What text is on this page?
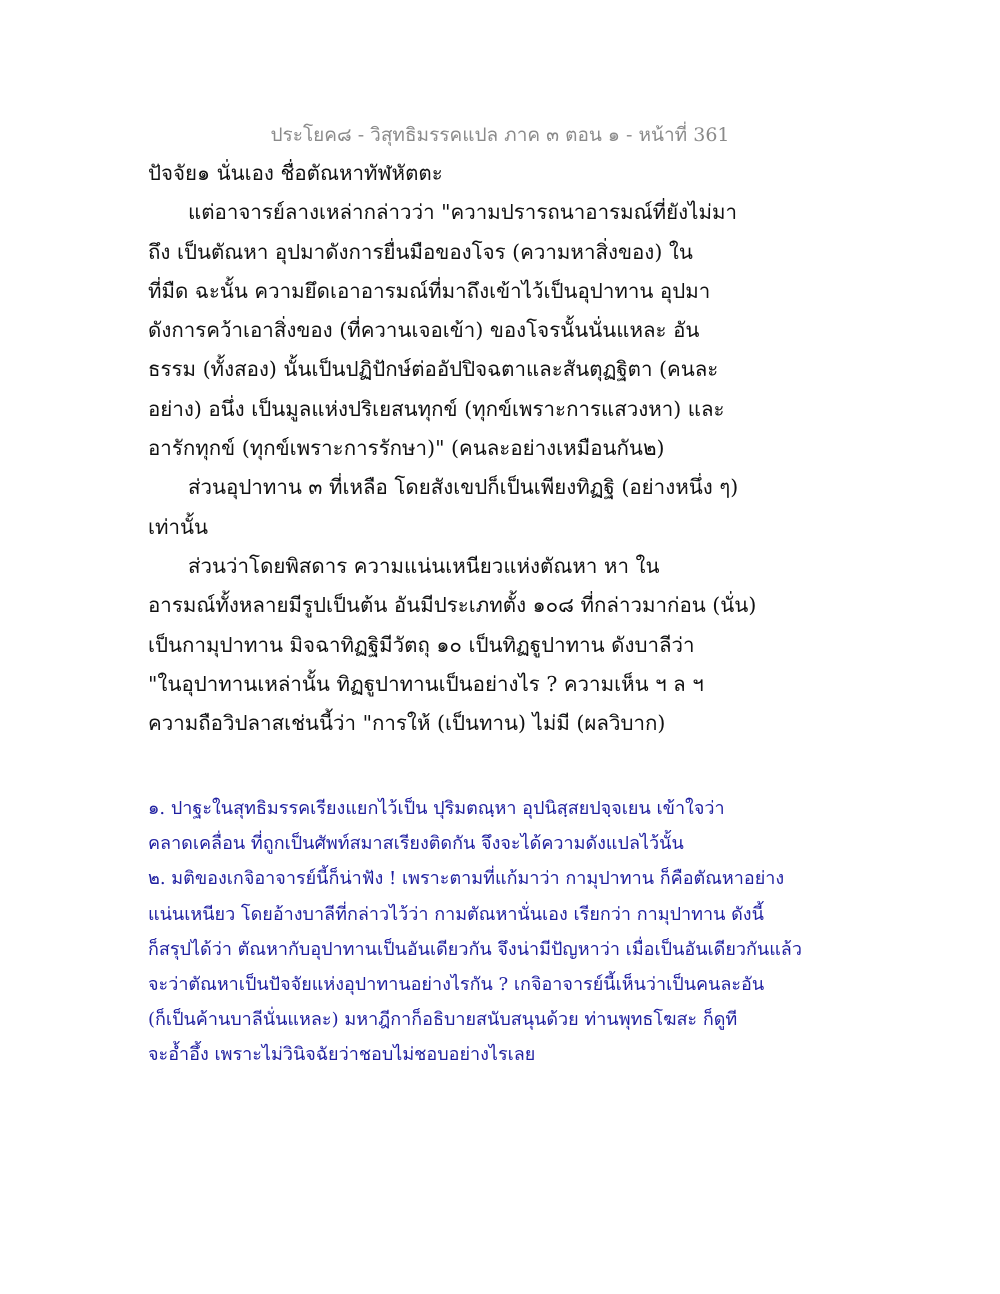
ประโยค๘ - วิสุทธิมรรคแปล ภาค ๓ ตอน ๑ - หน้าที่ 361
ปัจจัย๑ นั่นเอง ชื่อตัณหาทัฬหัตตะ
แต่อาจารย์ลางเหล่ากล่าวว่า "ความปรารถนาอารมณ์ที่ยังไม่มา
ถึง เป็นตัณหา อุปมาดังการยื่นมือของโจร (ความหาสิ่งของ) ใน
ที่มืด ฉะนั้น ความยึดเอาอารมณ์ที่มาถึงเข้าไว้เป็นอุปาทาน อุปมา
ดังการคว้าเอาสิ่งของ (ที่ควานเจอเข้า) ของโจรนั้นนั่นแหละ อัน
ธรรม (ทั้งสอง) นั้นเป็นปฏิปักษ์ต่ออัปปิจฉตาและสันตุฏฐิตา (คนละ
อย่าง) อนึ่ง เป็นมูลแห่งปริเยสนทุกข์ (ทุกข์เพราะการแสวงหา) และ
อารักทุกข์ (ทุกข์เพราะการรักษา)" (คนละอย่างเหมือนกัน๒)
ส่วนอุปาทาน ๓ ที่เหลือ โดยสังเขปก็เป็นเพียงทิฏฐิ (อย่างหนึ่ง ๆ)
เท่านั้น
ส่วนว่าโดยพิสดาร ความแน่นเหนียวแห่งตัณหา หา ใน
อารมณ์ทั้งหลายมีรูปเป็นต้น อันมีประเภทตั้ง ๑๐๘ ที่กล่าวมาก่อน (นั่น)
เป็นกามุปาทาน มิจฉาทิฏฐิมีวัตถุ ๑๐ เป็นทิฏฐูปาทาน ดังบาลีว่า
"ในอุปาทานเหล่านั้น ทิฏฐูปาทานเป็นอย่างไร ? ความเห็น ฯ ล ฯ
ความถือวิปลาสเช่นนี้ว่า "การให้ (เป็นทาน) ไม่มี (ผลวิบาก)
๑. ปาฐะในสุทธิมรรคเรียงแยกไว้เป็น ปุริมตณฺหา อุปนิสฺสยปจฺจเยน เข้าใจว่า
คลาดเคลื่อน ที่ถูกเป็นศัพท์สมาสเรียงติดกัน จึงจะได้ความดังแปลไว้นั้น
๒. มติของเกจิอาจารย์นี้ก็น่าฟัง ! เพราะตามที่แก้มาว่า กามุปาทาน ก็คือตัณหาอย่าง
แน่นเหนียว โดยอ้างบาลีที่กล่าวไว้ว่า กามตัณหานั่นเอง เรียกว่า กามุปาทาน ดังนี้
ก็สรุปได้ว่า ตัณหากับอุปาทานเป็นอันเดียวกัน จึงน่ามีปัญหาว่า เมื่อเป็นอันเดียวกันแล้ว
จะว่าตัณหาเป็นปัจจัยแห่งอุปาทานอย่างไรกัน ? เกจิอาจารย์นี้เห็นว่าเป็นคนละอัน
(ก็เป็นค้านบาลีนั่นแหละ) มหาฎีกาก็อธิบายสนับสนุนด้วย ท่านพุทธโฆสะ ก็ดูที
จะอ้ำอึ้ง เพราะไม่วินิจฉัยว่าชอบไม่ชอบอย่างไรเลย
